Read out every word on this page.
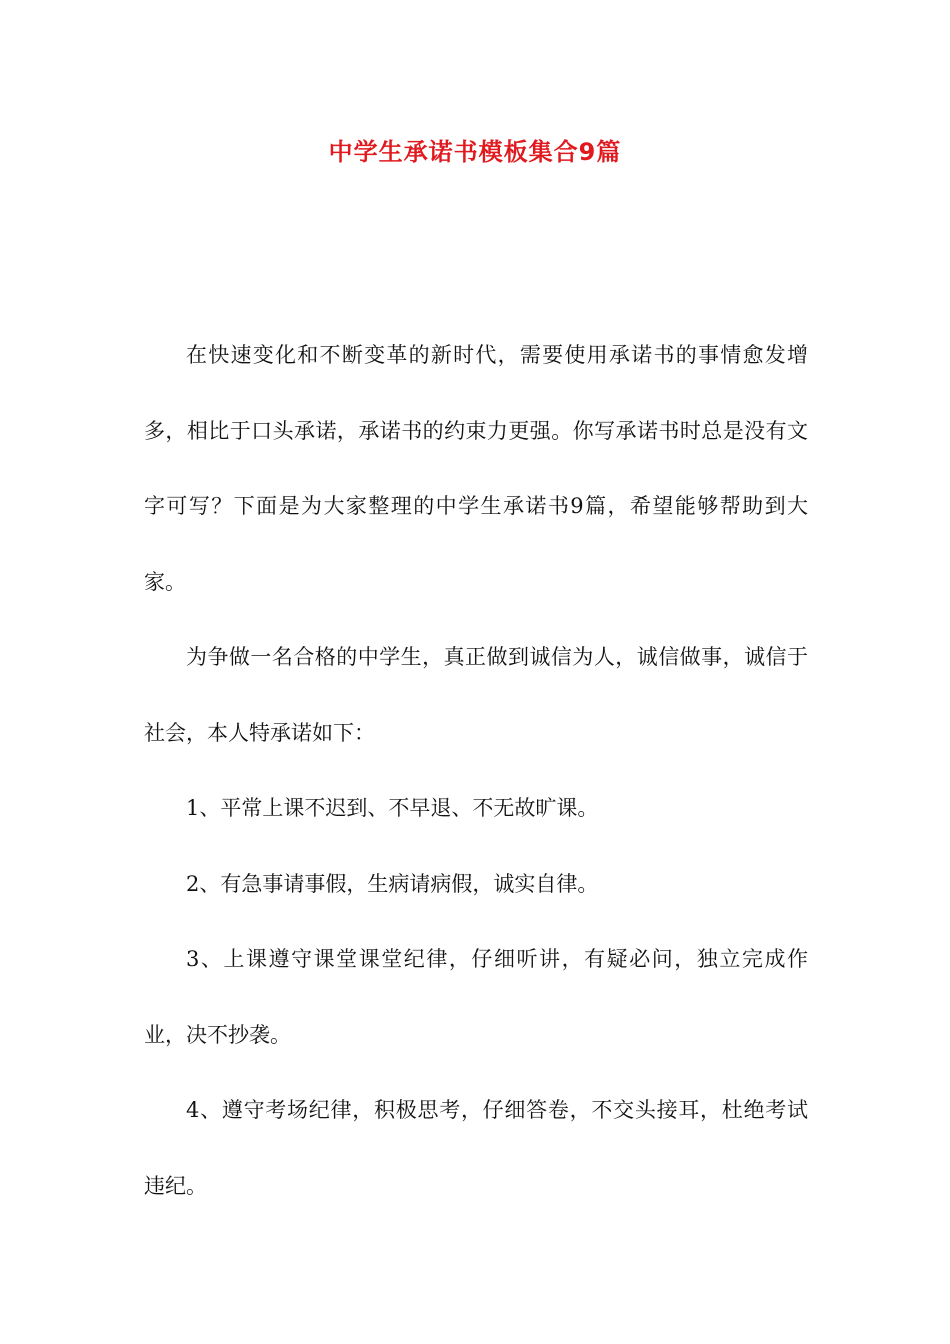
中学生承诺书模板集合9篇

在快速变化和不断变革的新时代，需要使用承诺书的事情愈发增多，相比于口头承诺，承诺书的约束力更强。你写承诺书时总是没有文字可写？下面是为大家整理的中学生承诺书9篇，希望能够帮助到大家。

为争做一名合格的中学生，真正做到诚信为人，诚信做事，诚信于社会，本人特承诺如下：

1、平常上课不迟到、不早退、不无故旷课。

2、有急事请事假，生病请病假，诚实自律。

3、上课遵守课堂课堂纪律，仔细听讲，有疑必问，独立完成作业，决不抄袭。

4、遵守考场纪律，积极思考，仔细答卷，不交头接耳，杜绝考试违纪。
